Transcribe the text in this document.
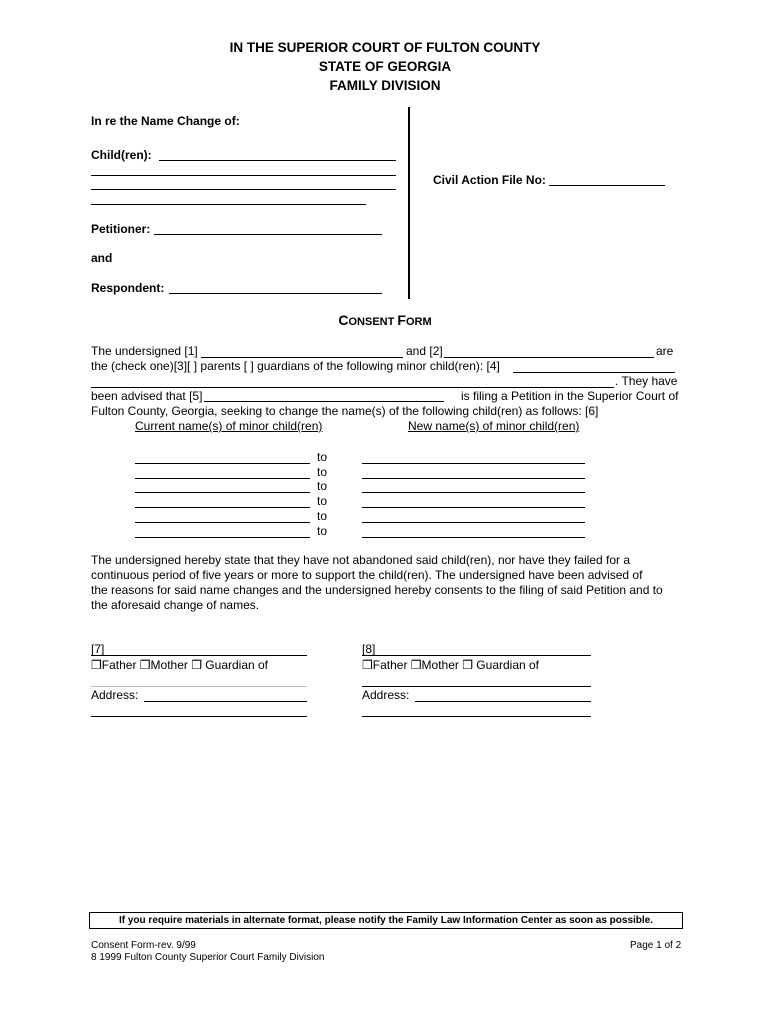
IN THE SUPERIOR COURT OF FULTON COUNTY
STATE OF GEORGIA
FAMILY DIVISION
In re the Name Change of:
Child(ren):
Petitioner:
and
Respondent:
Civil Action File No:
CONSENT FORM
The undersigned [1]	and [2]	are
the (check one)[3][ ] parents [ ] guardians of the following minor child(ren): [4]
. They have
been advised that [5]	is filing a Petition in the Superior Court of
Fulton County, Georgia, seeking to change the name(s) of the following child(ren) as follows: [6]
Current name(s) of minor child(ren)	New name(s) of minor child(ren)
to
to
to
to
to
to
The undersigned hereby state that they have not abandoned said child(ren), nor have they failed for a
continuous period of five years or more to support the child(ren). The undersigned have been advised of
the reasons for said name changes and the undersigned hereby consents to the filing of said Petition and to
the aforesaid change of names.
[7]
❒Father ❒Mother ❒ Guardian of
Address:
[8]
❒Father ❒Mother ❒ Guardian of
Address:
If you require materials in alternate format, please notify the Family Law Information Center as soon as possible.
Consent Form-rev. 9/99
8 1999 Fulton County Superior Court Family Division
Page 1 of 2
